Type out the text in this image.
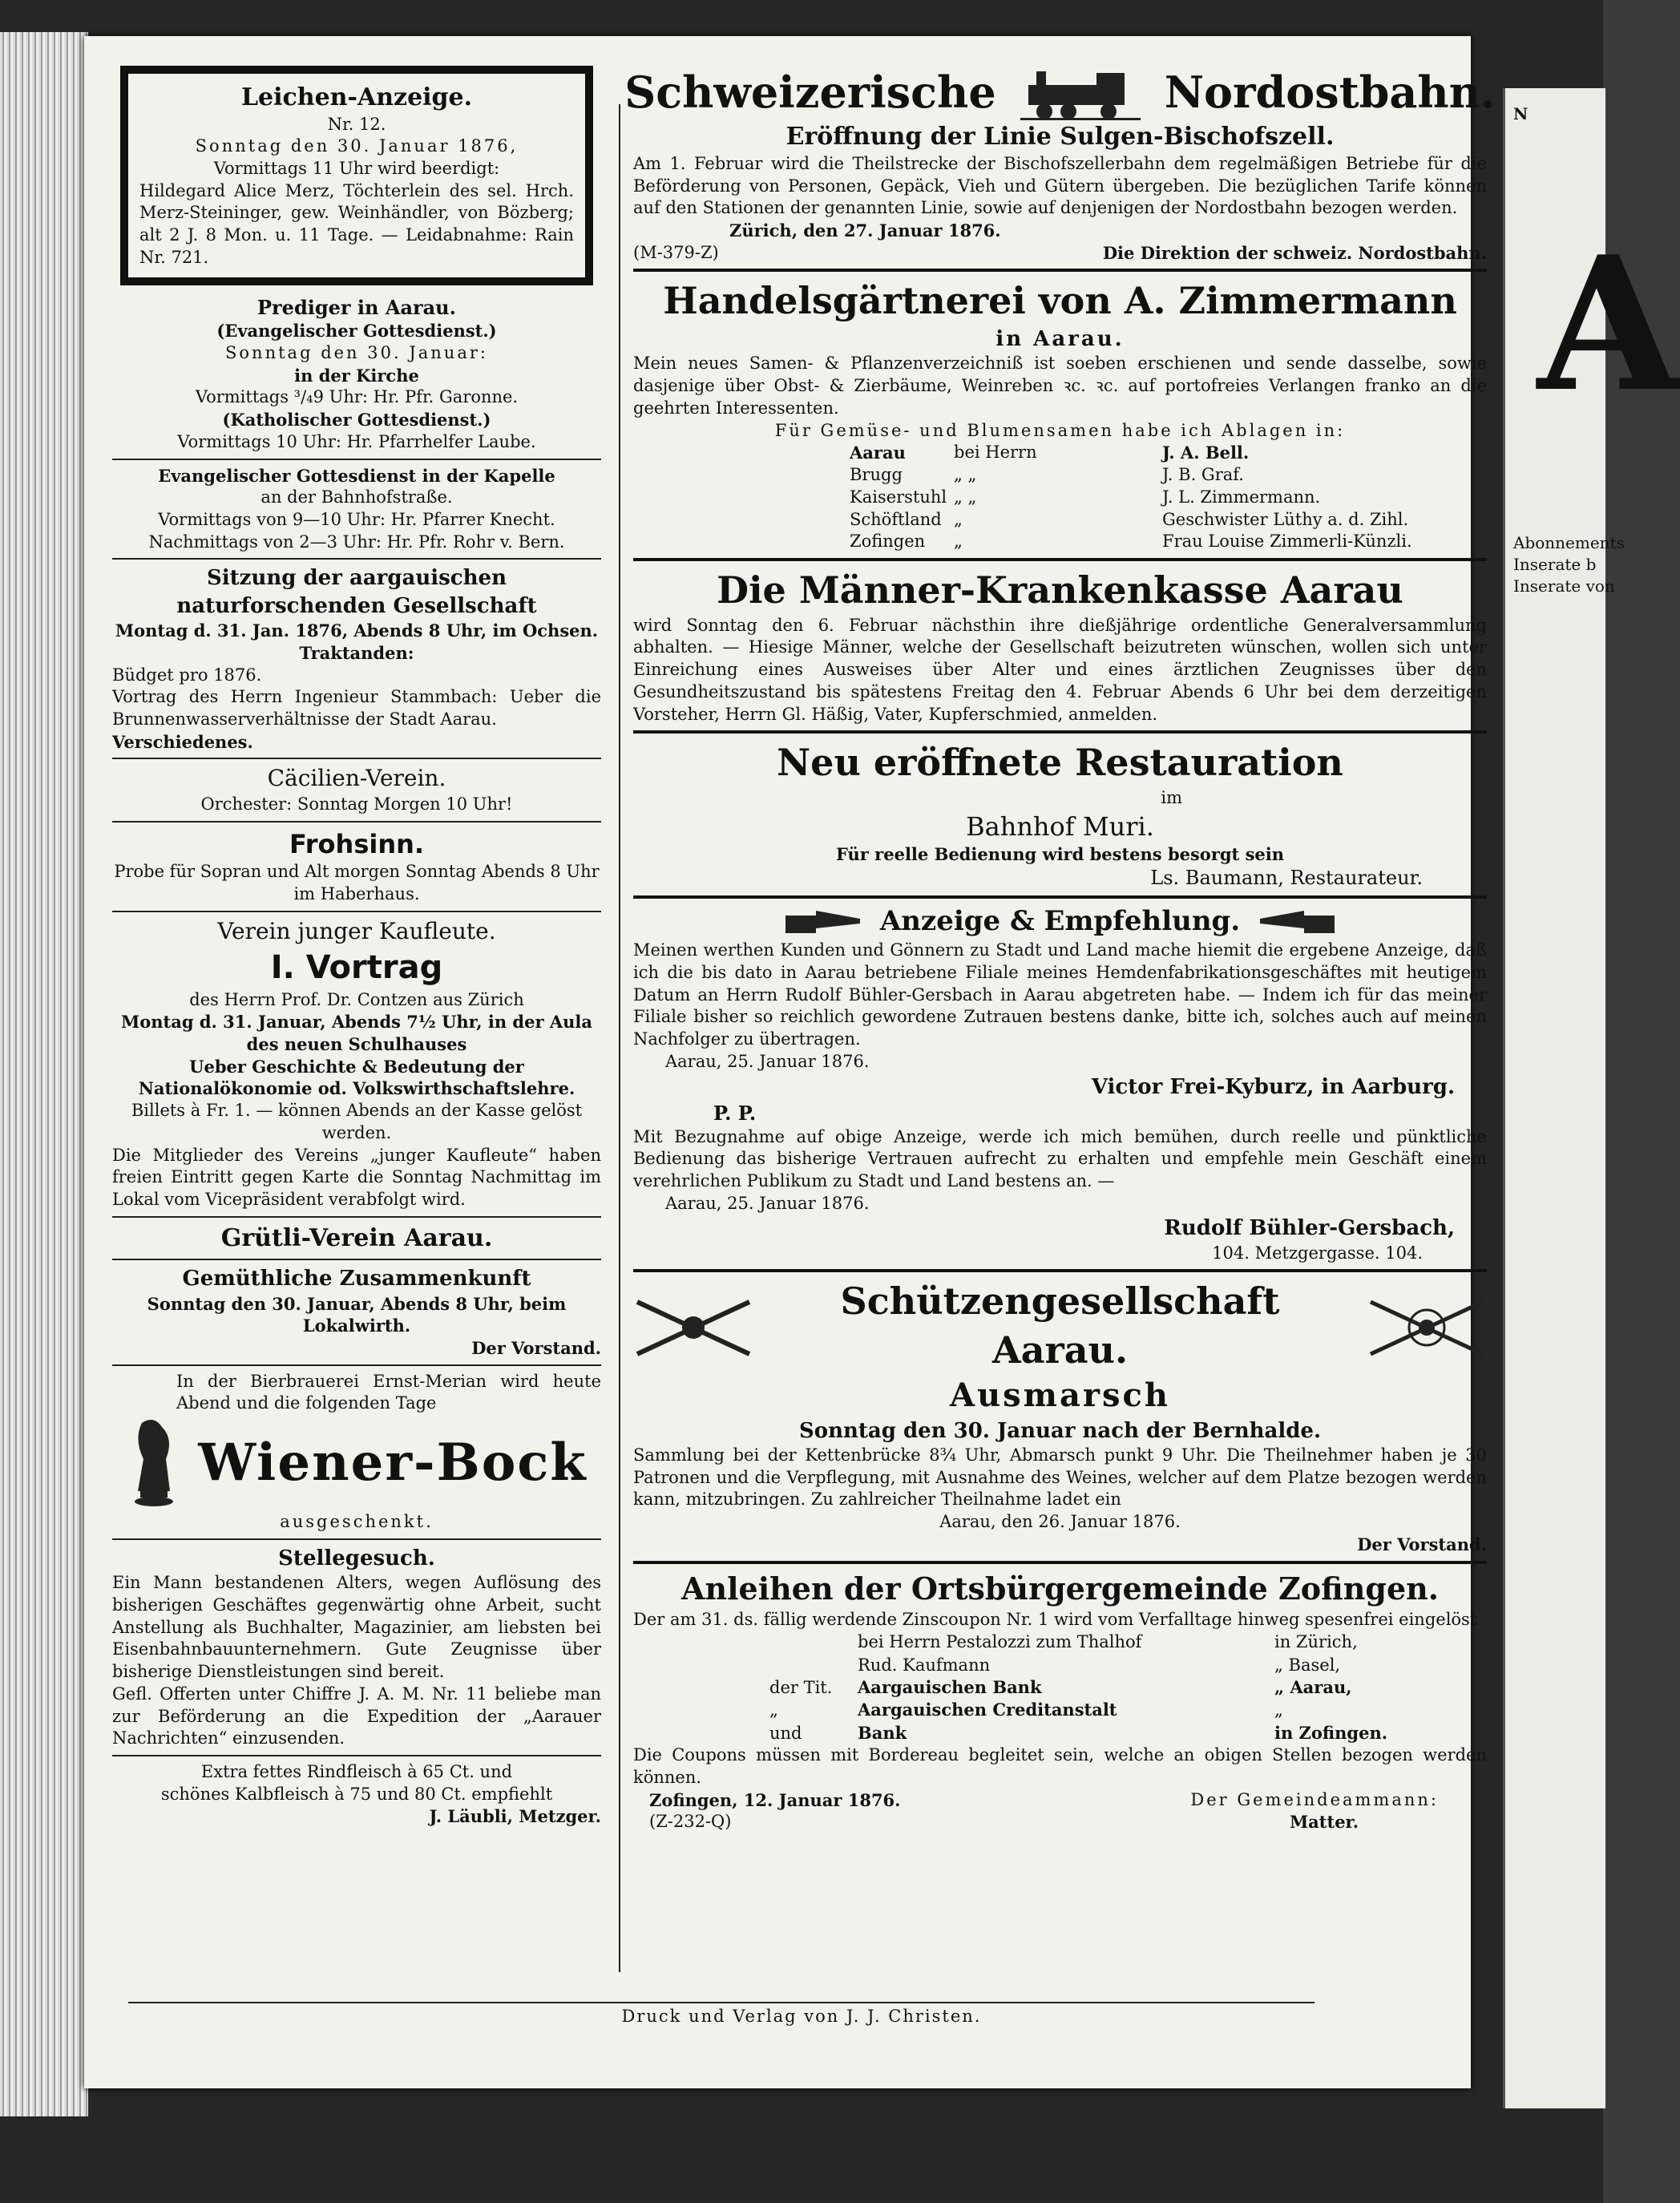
N
A
Abonnements
Inserate b
Inserate von

Leichen-Anzeige.

Nr. 12.

Sonntag den 30. Januar 1876,

Vormittags 11 Uhr wird beerdigt:

Hildegard Alice Merz, Töchterlein des sel. Hrch. Merz-Steininger, gew. Weinhändler, von Bözberg; alt 2 J. 8 Mon. u. 11 Tage. — Leidabnahme: Rain Nr. 721.

Prediger in Aarau.

(Evangelischer Gottesdienst.)

Sonntag den 30. Januar:

in der Kirche

Vormittags ³/₄9 Uhr: Hr. Pfr. Garonne.

(Katholischer Gottesdienst.)

Vormittags 10 Uhr: Hr. Pfarrhelfer Laube.

Evangelischer Gottesdienst in der Kapelle

an der Bahnhofstraße.

Vormittags von 9—10 Uhr: Hr. Pfarrer Knecht.

Nachmittags von 2—3 Uhr: Hr. Pfr. Rohr v. Bern.

Sitzung der aargauischen naturforschenden Gesellschaft

Montag d. 31. Jan. 1876, Abends 8 Uhr, im Ochsen.

Traktanden:

Büdget pro 1876.

Vortrag des Herrn Ingenieur Stammbach: Ueber die Brunnenwasserverhältnisse der Stadt Aarau.

Verschiedenes.

Cäcilien-Verein.

Orchester: Sonntag Morgen 10 Uhr!

Frohsinn.

Probe für Sopran und Alt morgen Sonntag Abends 8 Uhr im Haberhaus.

Verein junger Kaufleute.

I. Vortrag

des Herrn Prof. Dr. Contzen aus Zürich

Montag d. 31. Januar, Abends 7½ Uhr, in der Aula des neuen Schulhauses

Ueber Geschichte & Bedeutung der Nationalökonomie od. Volkswirthschaftslehre.

Billets à Fr. 1. — können Abends an der Kasse gelöst werden.

Die Mitglieder des Vereins „junger Kaufleute“ haben freien Eintritt gegen Karte die Sonntag Nachmittag im Lokal vom Vicepräsident verabfolgt wird.

Grütli-Verein Aarau.

Gemüthliche Zusammenkunft

Sonntag den 30. Januar, Abends 8 Uhr, beim Lokalwirth.

Der Vorstand.

In der Bierbrauerei Ernst-Merian wird heute Abend und die folgenden Tage

Wiener-Bock

ausgeschenkt.

Stellegesuch.

Ein Mann bestandenen Alters, wegen Auflösung des bisherigen Geschäftes gegenwärtig ohne Arbeit, sucht Anstellung als Buchhalter, Magazinier, am liebsten bei Eisenbahnbauunternehmern. Gute Zeugnisse über bisherige Dienstleistungen sind bereit.

Gefl. Offerten unter Chiffre J. A. M. Nr. 11 beliebe man zur Beförderung an die Expedition der „Aarauer Nachrichten“ einzusenden.

Extra fettes Rindfleisch à 65 Ct. und

schönes Kalbfleisch à 75 und 80 Ct. empfiehlt

J. Läubli, Metzger.

Schweizerische	Nordostbahn.

Eröffnung der Linie Sulgen-Bischofszell.

Am 1. Februar wird die Theilstrecke der Bischofszellerbahn dem regelmäßigen Betriebe für die Beförderung von Personen, Gepäck, Vieh und Gütern übergeben. Die bezüglichen Tarife können auf den Stationen der genannten Linie, sowie auf denjenigen der Nordostbahn bezogen werden.

Zürich, den 27. Januar 1876.

(M-379-Z)	Die Direktion der schweiz. Nordostbahn.

Handelsgärtnerei von A. Zimmermann

in Aarau.

Mein neues Samen- & Pflanzenverzeichniß ist soeben erschienen und sende dasselbe, sowie dasjenige über Obst- & Zierbäume, Weinreben ꝛc. ꝛc. auf portofreies Verlangen franko an die geehrten Interessenten.

Für Gemüse- und Blumensamen habe ich Ablagen in:

Aarau	bei Herrn	J. A. Bell.
Brugg	„ „	J. B. Graf.
Kaiserstuhl „ „	J. L. Zimmermann.
Schöftland „	Geschwister Lüthy a. d. Zihl.
Zofingen	„	Frau Louise Zimmerli-Künzli.

Die Männer-Krankenkasse Aarau

wird Sonntag den 6. Februar nächsthin ihre dießjährige ordentliche Generalversammlung abhalten. — Hiesige Männer, welche der Gesellschaft beizutreten wünschen, wollen sich unter Einreichung eines Ausweises über Alter und eines ärztlichen Zeugnisses über den Gesundheitszustand bis spätestens Freitag den 4. Februar Abends 6 Uhr bei dem derzeitigen Vorsteher, Herrn Gl. Häßig, Vater, Kupferschmied, anmelden.

Neu eröffnete Restauration

im

Bahnhof Muri.

Für reelle Bedienung wird bestens besorgt sein

Ls. Baumann, Restaurateur.

Anzeige & Empfehlung.

Meinen werthen Kunden und Gönnern zu Stadt und Land mache hiemit die ergebene Anzeige, daß ich die bis dato in Aarau betriebene Filiale meines Hemdenfabrikationsgeschäftes mit heutigem Datum an Herrn Rudolf Bühler-Gersbach in Aarau abgetreten habe. — Indem ich für das meiner Filiale bisher so reichlich gewordene Zutrauen bestens danke, bitte ich, solches auch auf meinen Nachfolger zu übertragen.

Aarau, 25. Januar 1876.

Victor Frei-Kyburz, in Aarburg.

P. P.

Mit Bezugnahme auf obige Anzeige, werde ich mich bemühen, durch reelle und pünktliche Bedienung das bisherige Vertrauen aufrecht zu erhalten und empfehle mein Geschäft einem verehrlichen Publikum zu Stadt und Land bestens an. —

Aarau, 25. Januar 1876.

Rudolf Bühler-Gersbach,

104. Metzgergasse. 104.

Schützengesellschaft Aarau.

Ausmarsch

Sonntag den 30. Januar nach der Bernhalde.

Sammlung bei der Kettenbrücke 8¾ Uhr, Abmarsch punkt 9 Uhr. Die Theilnehmer haben je 30 Patronen und die Verpflegung, mit Ausnahme des Weines, welcher auf dem Platze bezogen werden kann, mitzubringen. Zu zahlreicher Theilnahme ladet ein

Aarau, den 26. Januar 1876.

Der Vorstand.

Anleihen der Ortsbürgergemeinde Zofingen.

Der am 31. ds. fällig werdende Zinscoupon Nr. 1 wird vom Verfalltage hinweg spesenfrei eingelöst

bei Herrn Pestalozzi zum Thalhof	in Zürich,
Rud. Kaufmann	„ Basel,
der Tit.	Aargauischen Bank	„ Aarau,
„	Aargauischen Creditanstalt	„
und	Bank	in Zofingen.

Die Coupons müssen mit Bordereau begleitet sein, welche an obigen Stellen bezogen werden können.

Zofingen, 12. Januar 1876.	Der Gemeindeammann:

(Z-232-Q)	Matter.

Druck und Verlag von J. J. Christen.
